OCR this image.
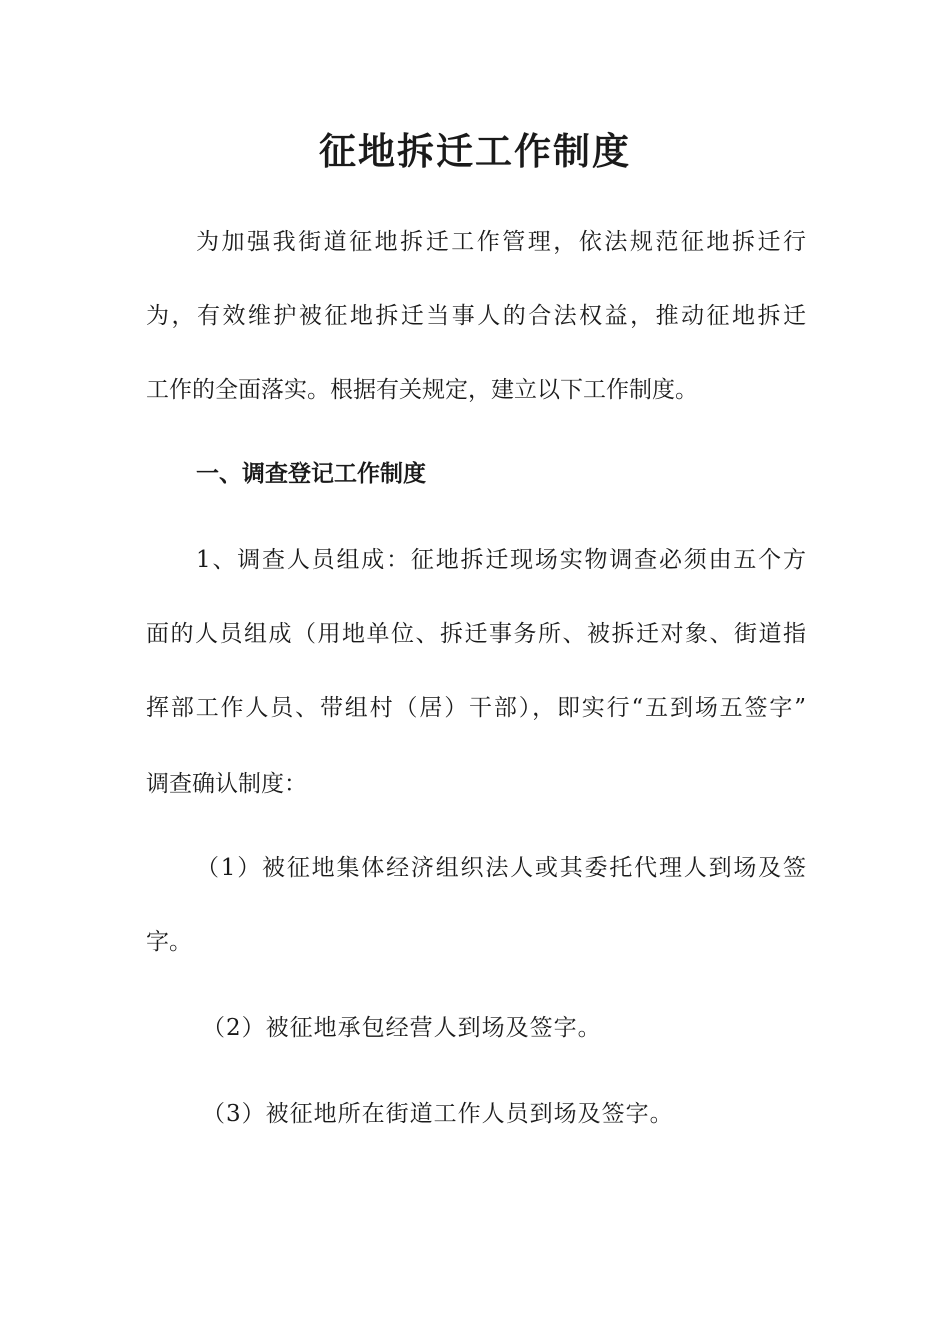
征地拆迁工作制度

为加强我街道征地拆迁工作管理，依法规范征地拆迁行

为，有效维护被征地拆迁当事人的合法权益，推动征地拆迁

工作的全面落实。根据有关规定，建立以下工作制度。

一、调查登记工作制度

1、调查人员组成：征地拆迁现场实物调查必须由五个方

面的人员组成（用地单位、拆迁事务所、被拆迁对象、街道指

挥部工作人员、带组村（居）干部），即实行“五到场五签字”

调查确认制度：

（1）被征地集体经济组织法人或其委托代理人到场及签

字。

（2）被征地承包经营人到场及签字。

（3）被征地所在街道工作人员到场及签字。
